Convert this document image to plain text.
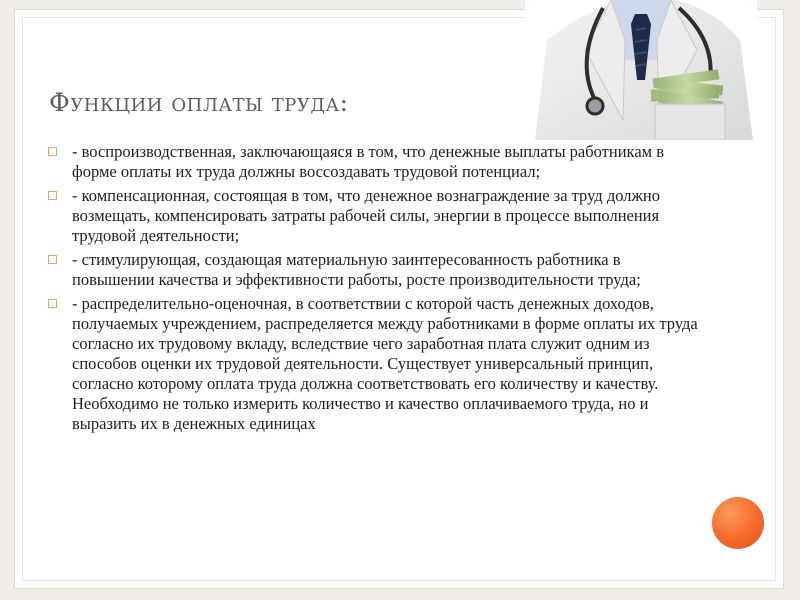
Функции оплаты труда:
- воспроизводственная, заключающаяся в том, что денежные выплаты работникам в форме оплаты их труда должны воссоздавать трудовой потенциал;
- компенсационная, состоящая в том, что денежное вознаграждение за труд должно возмещать, компенсировать затраты рабочей силы, энергии в процессе выполнения трудовой деятельности;
- стимулирующая, создающая материальную заинтересованность работника в повышении качества и эффективности работы, росте производительности труда;
- распределительно-оценочная, в соответствии с которой часть денежных доходов, получаемых учреждением, распределяется между работниками в форме оплаты их труда согласно их трудовому вкладу, вследствие чего заработная плата служит одним из способов оценки их трудовой деятельности. Существует универсальный принцип, согласно которому оплата труда должна соответствовать его количеству и качеству. Необходимо не только измерить количество и качество оплачиваемого труда, но и выразить их в денежных единицах
